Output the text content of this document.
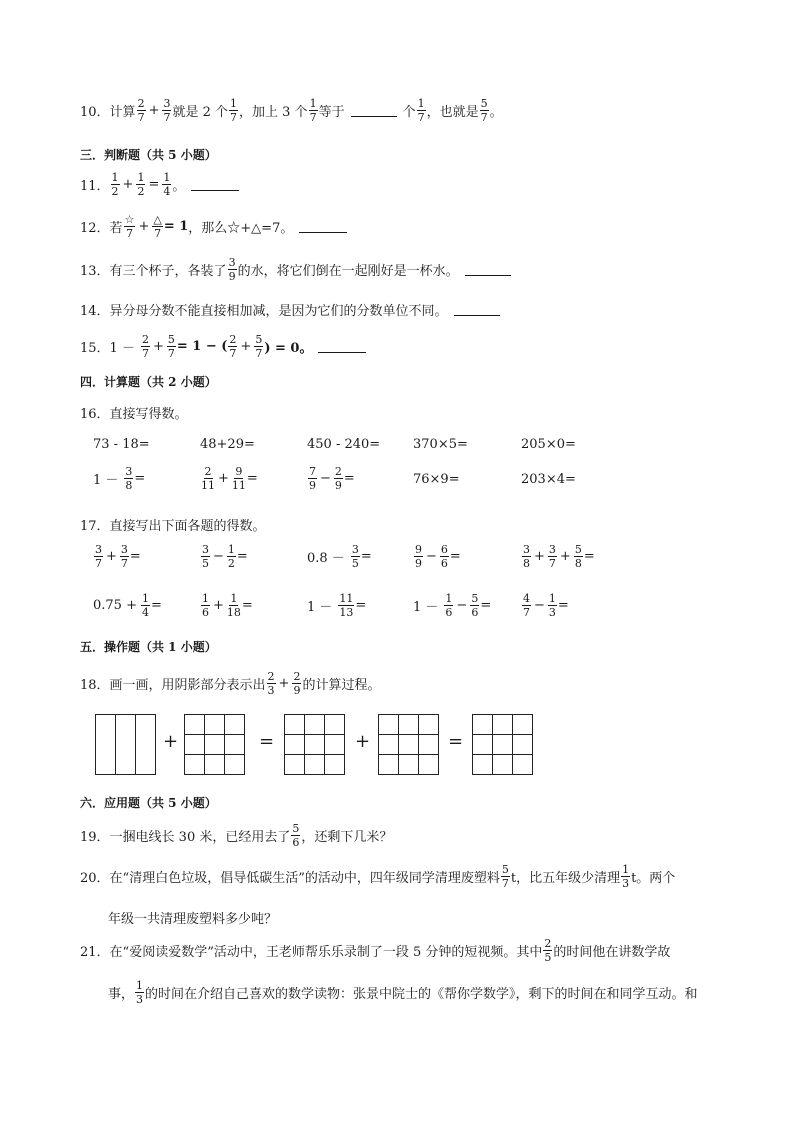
10． 计算 $\frac{2}{7} + \frac{3}{7}$ 就是 2 个 $\frac{1}{7}$ ，加上 3 个 $\frac{1}{7}$ 等于	个 $\frac{1}{7}$ ，也就是 $\frac{5}{7}$ 。
三．判断题（共 5 小题）
11． $\frac{1}{2} + \frac{1}{2} = \frac{1}{4}$ 。
12． 若 $\frac{☆}{7} + \frac{\triangle}{7} = 1$ ，那么☆+△=7。
13． 有三个杯子，各装了 $\frac{3}{9}$ 的水，将它们倒在一起刚好是一杯水。
14． 异分母分数不能直接相加减，是因为它们的分数单位不同。
15． $1 - \frac{2}{7} + \frac{5}{7} = 1$ − ( $\frac{2}{7} + \frac{5}{7}$ ) = 0。
四．计算题（共 2 小题）
16．直接写得数。
73 - 18=	48+29=	450 - 240=	370×5=	205×0=
$1 - \frac{3}{8}$ =	$\frac{2}{11} + \frac{9}{11}$ =	$\frac{7}{9} - \frac{2}{9}$ =	76×9=	203×4=
17．直接写出下面各题的得数。
$\frac{3}{7} + \frac{3}{7}$ =	$\frac{3}{5} - \frac{1}{2}$ =	$0.8 - \frac{3}{5}$ =	$\frac{9}{9} - \frac{6}{6}$ =	$\frac{3}{8} + \frac{3}{7} + \frac{5}{8}$ =
$0.75 + \frac{1}{4}$ =	$\frac{1}{6} + \frac{1}{18}$ =	$1 - \frac{11}{13}$ =	$1 - \frac{1}{6} - \frac{5}{6}$ =	$\frac{4}{7} - \frac{1}{3}$ =
五．操作题（共 1 小题）
18．画一画，用阴影部分表示出 $\frac{2}{3} + \frac{2}{9}$ 的计算过程。
+	=	+	=
六．应用题（共 5 小题）
19．一捆电线长 30 米，已经用去了 $\frac{5}{6}$ ，还剩下几米？
20．在“清理白色垃圾，倡导低碳生活”的活动中，四年级同学清理废塑料 $\frac{5}{7}$ t，比五年级少清理 $\frac{1}{3}$ t。两个
年级一共清理废塑料多少吨？
21．在“爱阅读爱数学”活动中，王老师帮乐乐录制了一段 5 分钟的短视频。其中 $\frac{2}{5}$ 的时间他在讲数学故
事， $\frac{1}{3}$ 的时间在介绍自己喜欢的数学读物：张景中院士的《帮你学数学》，剩下的时间在和同学互动。和
